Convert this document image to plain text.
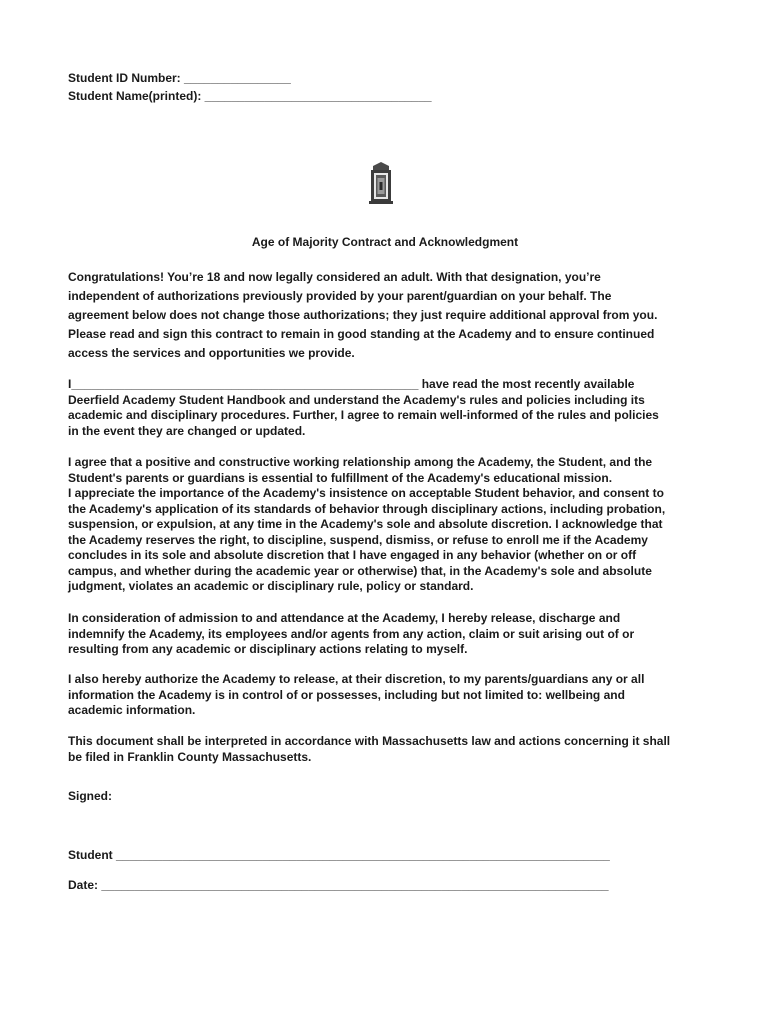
Student ID Number: ________________
Student Name(printed): __________________________________
Age of Majority Contract and Acknowledgment
Congratulations! You’re 18 and now legally considered an adult. With that designation, you’re
independent of authorizations previously provided by your parent/guardian on your behalf. The
agreement below does not change those authorizations; they just require additional approval from you.
Please read and sign this contract to remain in good standing at the Academy and to ensure continued
access the services and opportunities we provide.
I____________________________________________________ have read the most recently available
Deerfield Academy Student Handbook and understand the Academy's rules and policies including its
academic and disciplinary procedures. Further, I agree to remain well-informed of the rules and policies
in the event they are changed or updated.
I agree that a positive and constructive working relationship among the Academy, the Student, and the
Student's parents or guardians is essential to fulfillment of the Academy's educational mission.
I appreciate the importance of the Academy's insistence on acceptable Student behavior, and consent to
the Academy's application of its standards of behavior through disciplinary actions, including probation,
suspension, or expulsion, at any time in the Academy's sole and absolute discretion. I acknowledge that
the Academy reserves the right, to discipline, suspend, dismiss, or refuse to enroll me if the Academy
concludes in its sole and absolute discretion that I have engaged in any behavior (whether on or off
campus, and whether during the academic year or otherwise) that, in the Academy's sole and absolute
judgment, violates an academic or disciplinary rule, policy or standard.
In consideration of admission to and attendance at the Academy, I hereby release, discharge and
indemnify the Academy, its employees and/or agents from any action, claim or suit arising out of or
resulting from any academic or disciplinary actions relating to myself.
I also hereby authorize the Academy to release, at their discretion, to my parents/guardians any or all
information the Academy is in control of or possesses, including but not limited to: wellbeing and
academic information.
This document shall be interpreted in accordance with Massachusetts law and actions concerning it shall
be filed in Franklin County Massachusetts.
Signed:
Student __________________________________________________________________________
Date: ____________________________________________________________________________
